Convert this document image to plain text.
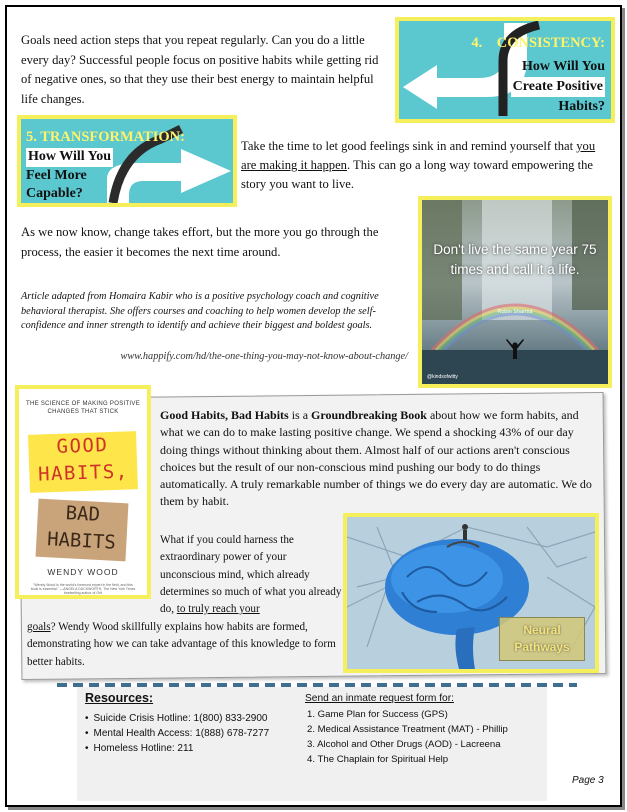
Goals need action steps that you repeat regularly. Can you do a little every day? Successful people focus on positive habits while getting rid of negative ones, so that they use their best energy to maintain helpful life changes.

4.    CONSISTENCY:
How Will You
Create Positive
Habits?
5. TRANSFORMATION:
How Will You
Feel More
Capable?

Take the time to let good feelings sink in and remind yourself that you are making it happen. This can go a long way toward empowering the story you want to live.

As we now know, change takes effort, but the more you go through the process, the easier it becomes the next time around.

Article adapted from Homaira Kabir who is a positive psychology coach and cognitive behavioral therapist. She offers courses and coaching to help women develop the self-confidence and inner strength to identify and achieve their biggest and boldest goals.

www.happify.com/hd/the-one-thing-you-may-not-know-about-change/
Don't live the same year 75 times and call it a life.
Robin Sharma
@kindsofwitty
THE SCIENCE OF MAKING POSITIVE CHANGES THAT STICK
GOOD HABITS,
BAD HABITS
WENDY WOOD
"Wendy Wood is the world's foremost expert in the field, and this book is essential." —ANGELA DUCKWORTH, The New York Times bestselling author of Grit

Good Habits, Bad Habits is a Groundbreaking Book about how we form habits, and what we can do to make lasting positive change. We spend a shocking 43% of our day doing things without thinking about them. Almost half of our actions aren't conscious choices but the result of our non-conscious mind pushing our body to do things automatically. A truly remarkable number of things we do every day are automatic. We do them by habit.

What if you could harness the extraordinary power of your unconscious mind, which already determines so much of what you already do, to truly reach your

goals? Wendy Wood skillfully explains how habits are formed, demonstrating how we can take advantage of this knowledge to form better habits.

Neural
Pathways
Resources:
• Suicide Crisis Hotline: 1(800) 833-2900
• Mental Health Access: 1(888) 678-7277
• Homeless Hotline: 211
Send an inmate request form for:
1. Game Plan for Success (GPS)
2. Medical Assistance Treatment (MAT) - Phillip
3. Alcohol and Other Drugs (AOD) - Lacreena
4. The Chaplain for Spiritual Help
Page 3
